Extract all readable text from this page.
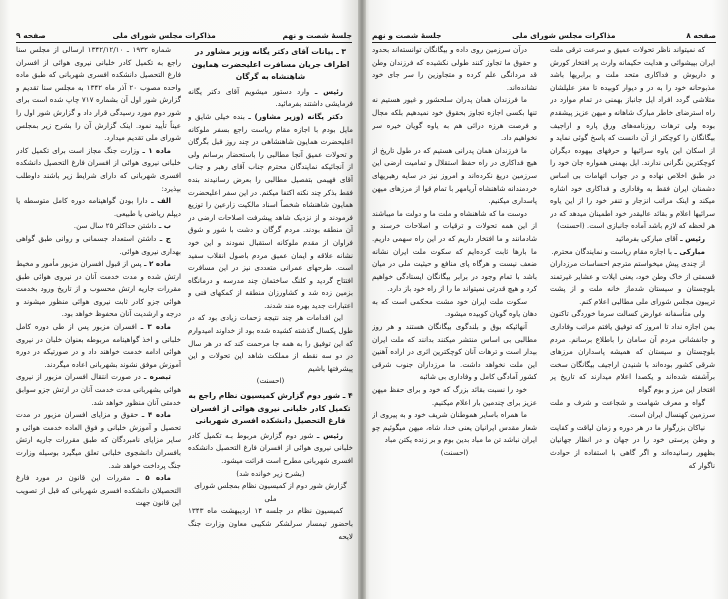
جلسهٔ شصت و نهم
مذاکرات مجلس شورای ملی
صفحه ۹

شماره ۱۹۳۲ ـ ۱۳۴۲/۱۲/۱۰ ارسالی از مجلس سنا راجع به تکمیل کادر خلبانی نیروی هوائی از افسران فارغ التحصیل دانشکده افسری شهربانی که طبق ماده واحده مصوب ۲۰ آذر ماه ۱۳۴۲ به مجلس سنا تقدیم و گزارش شور اول آن بشماره ۷۱۷ چاپ شده است برای شور دوم مورد رسیدگی قرار داد و گزارش شور اول را عیناً تأیید نمود. اینک گزارش آن را بشرح زیر بمجلس شورای ملی تقدیم میدارد.

ماده ۱ ـ وزارت جنگ مجاز است برای تکمیل کادر خلبانی نیروی هوائی از افسران فارغ التحصیل دانشکده افسری شهربانی که دارای شرایط زیر باشند داوطلب بپذیرد:

الف ـ دارا بودن گواهینامه دوره کامل متوسطه یا دیپلم ریاضی یا طبیعی.

ب ـ داشتن حداکثر ۲۵ سال سن.

ج ـ داشتن استعداد جسمانی و روانی طبق گواهی بهداری نیروی هوائی.

ماده ۲ ـ پس از قبول افسران مزبور مأمور و مخیط ارتش شده و مدت خدمت آنان در نیروی هوائی طبق مقررات جاریه ارتش محسوب و از تاریخ ورود بخدمت هوائی جزو کادر ثابت نیروی هوائی منظور میشوند و درجه و ارشدیت آنان محفوظ خواهد بود.

ماده ۳ ـ افسران مزبور پس از طی دوره کامل خلبانی و اخذ گواهینامه مربوطه بعنوان خلبان در نیروی هوائی ادامه خدمت خواهند داد و در صورتیکه در دوره آموزش موفق نشوند بشهربانی اعاده میگردند.

تبصره ـ در صورت انتقال افسران مزبور از نیروی هوائی بشهربانی مدت خدمت آنان در ارتش جزو سوابق خدمتی آنان منظور خواهد شد.

ماده ۴ ـ حقوق و مزایای افسران مزبور در مدت تحصیل و آموزش خلبانی و فوق العاده خدمت هوائی و سایر مزایای نامبردگان که طبق مقررات جاریه ارتش بافسران دانشجوی خلبانی تعلق میگیرد بوسیله وزارت جنگ پرداخت خواهد شد.

ماده ۵ ـ مقررات این قانون در مورد فارغ التحصیلان دانشکده افسری شهربانی که قبل از تصویب این قانون جهت

۳ ـ بیانات آقای دکتر یگانه وزیر مشاور در اطراف جریان مسافرت اعلیحضرت همایون شاهنشاه به گرگان

رئیس ـ وارد دستور میشویم آقای دکتر یگانه فرمایشی داشتند بفرمائید.

دکتر یگانه (وزیر مشاور) ـ بنده خیلی شایق و مایل بودم با اجازه مقام ریاست راجع بسفر ملوکانه اعلیحضرت همایون شاهنشاهی در چند روز قبل بگرگان و تحولات عمیق آنجا مطالبی را باستحضار برسانم ولی از آنجائیکه نمایندگان محترم جناب آقای رهبر و جناب آقای فهیمی بتفصیل مطالبی را بعرض رسانیدند بنده فقط بذکر چند نکته اکتفا میکنم. در این سفر اعلیحضرت همایون شاهنشاه شخصاً اسناد مالکیت زارعین را توزیع فرمودند و از نزدیک شاهد پیشرفت اصلاحات ارضی در آن منطقه بودند. مردم گرگان و دشت با شور و شوق فراوان از مقدم ملوکانه استقبال نمودند و این خود نشانه علاقه و ایمان عمیق مردم باصول انقلاب سفید است. طرحهای عمرانی متعددی نیز در این مسافرت افتتاح گردید و کلنگ ساختمان چند مدرسه و درمانگاه بزمین زده شد و کشاورزان منطقه از کمکهای فنی و اعتبارات جدید بهره مند شدند.

این اقدامات هر چند نتیجه زحمات زیادی بود که در طول یکسال گذشته کشیده شده بود از خداوند امیدوارم که این توفیق را به همه جا مرحمت کند که در هر سال در دو سه نقطه از مملکت شاهد این تحولات و این پیشرفتها باشیم

(احسنت)

۴ ـ شور دوم گزارش کمیسیون نظام راجع به تکمیل کادر خلبانی نیروی هوائی از افسران فارغ التحصیل دانشکده افسری شهربانی

رئیس ـ شور دوم گزارش مربوط بـه تکمیل کادر خلبانی نیروی هوائی از افسران فارغ التحصیل دانشکده افسری شهربانی مطرح است قرائت میشود.

(بشرح زیر خوانده شد)

گزارش شور دوم از کمیسیون نظام بمجلس شورای ملی

کمیسیون نظام در جلسه ۱۴ اردیبهشت ماه ۱۳۴۳ باحضور تیمسار سرلشکر شکیبی معاون وزارت جنگ لایحه

صفحه ۸
مذاکرات مجلس شورای ملی
جلسهٔ شصت و نهم

درآن سرزمین روی داده و بیگانگان توانسته‌اند بحدود و حقوق ما تجاوز کنند طولی نکشیده که فرزندان وطن قد مردانگی علم کرده و متجاوزین را سر جای خود نشانده‌اند.

ما فرزندان همان پدران سلحشور و غیور هستیم نه تنها بکسی اجازه تجاوز بحقوق خود نمیدهیم بلکه مجال و فرصت هرزه درائی هم به یاوه گویان خیره سر نخواهیم داد.

ما فرزندان همان پدرانی هستیم که در طول تاریخ از هیچ فداکاری در راه حفظ استقلال و تمامیت ارضی این سرزمین دریغ نکرده‌اند و امروز نیز در سایه رهبریهای خردمندانه شاهنشاه آریامهر با تمام قوا از مرزهای میهن پاسداری میکنیم.

دوست ما که شاهنشاه و ملت ما و دولت ما میباشند از این همه تحولات و ترقیات و اصلاحات خرسند و شادمانند و ما افتخار داریم که در این راه سهمی داریم. ما بارها ثابت کرده‌ایم که سکوت ملت ایران نشانه ضعف نیست و هرگاه پای منافع و حیثیت ملی در میان باشد با تمام وجود در برابر بیگانگان ایستادگی خواهیم کرد و هیچ قدرتی نمیتواند ما را از راه خود باز دارد.

سکوت ملت ایران خود مشت محکمی است که به دهان یاوه گویان کوبیده میشود.

آنهائیکه بوق و بلندگوی بیگانگان هستند و هر روز مطالبی بی اساس منتشر میکنند بدانند که ملت ایران بیدار است و ترهات آنان کوچکترین اثری در اراده آهنین این ملت نخواهد داشت. ما مرزداران جنوب شرقی کشور آمادگی کامل و وفاداری بی شائبه

خود را نسبت بقائد بزرگ که خود و برای حفظ میهن عزیز برای چندمین بار اعلام میکنیم.

ما همراه باسایر هموطنان شریف خود و به پیروی از شعار مقدس ایرانیان یعنی خدا، شاه، میهن میگوئیم چو ایران نباشد تن ما مباد بدین بوم و بر زنده یکتن مباد

(احسنت)

که نمیتواند ناظر تحولات عمیق و سرعت ترقی ملت ایران بپیشوائی و هدایت حکیمانه وارث پر افتخار کورش و داریوش و فداکاری متحد ملت و برابریها باشد مذبوحانه خود را به در و دیوار کوبیده تا مغز علیلشان متلاشی گردد افراد ایل جانباز بهمنی در تمام موارد در راه استرضای خاطر مبارک شاهانه و میهن عزیز پیشقدم بوده ولی ترهات روزنامه‌های ورق پاره و اراجیف بیگانگان را کوچکتر از آن دانست که پاسخ گوئی نماید و از اسکان این یاوه سرائیها و حرفهای بیهوده دیگران کوچکترین نگرانی ندارند. ایل بهمنی همواره جان خود را در طبق اخلاص نهاده و در جواب اتهامات بی اساس دشمنان ایران فقط به وفاداری و فداکاری خود اشاره میکند و اینک مراتب انزجار و تنفر خود را از این یاوه سرائیها اعلام و بقائد عالیقدر خود اطمینان میدهد که در هر لحظه که لازم باشد آماده جانبازی است. (احسنت)

رئیس ـ آقای مبارکی بفرمائید

مبارکی ـ با اجازه مقام ریاست و نمایندگان محترم.

از چندی پیش میخواستم مترجم احساسات مرزداران قسمتی از خاک وطن خود، یعنی ایلات و عشایر غیرتمند بلوچستان و سیستان شدماز خانه ملت و از پشت تریبون مجلس شورای ملی مطالبی اعلام کنم.

ولی متأسفانه عوارض کسالت سرما خوردگی تاکنون بمن اجازه نداد تا امروز که توفیق یافتم مراتب وفاداری و جانفشانی مردم آن سامان را باطلاع برسانم. مردم بلوچستان و سیستان که همیشه پاسداران مرزهای شرقی کشور بوده‌اند با شنیدن اراجیف بیگانگان سخت برآشفته شده‌اند و یکصدا اعلام میدارند که تاریخ پر افتخار این مرز و بوم گواه

گواه و معرف شهامت و شجاعت و شرف و ملت سرزمین کهنسال ایران است.

نیاکان بزرگوار ما در هر دوره و زمان لیاقت و کفایت و وطن پرستی خود را در جهان و در انظار جهانیان بظهور رسانیده‌اند و اگر گاهی با استفاده از حوادث ناگوار که
